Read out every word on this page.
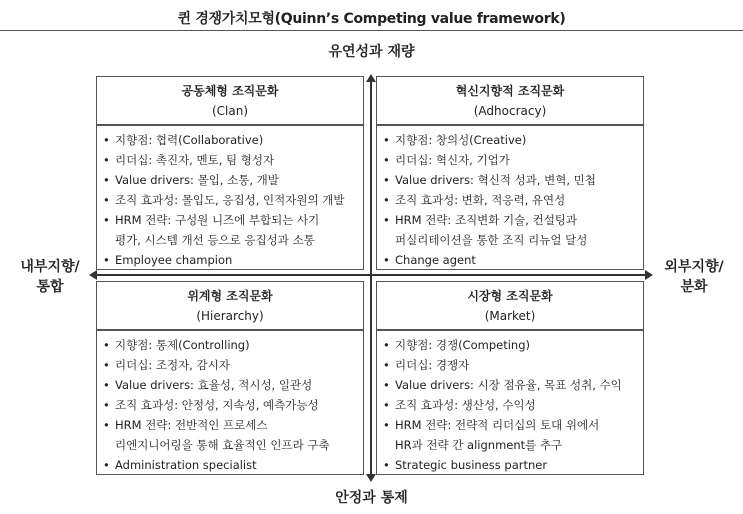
퀸 경쟁가치모형(Quinn’s Competing value framework)
유연성과 재량
안정과 통제
내부지향/
통합
외부지향/
분화
공동체형 조직문화
(Clan)
• 지향점: 협력(Collaborative)
• 리더십: 촉진자, 멘토, 팀 형성자
• Value drivers: 몰입, 소통, 개발
• 조직 효과성: 몰입도, 응집성, 인적자원의 개발
• HRM 전략: 구성원 니즈에 부합되는 사기
평가, 시스템 개선 등으로 응집성과 소통
• Employee champion
혁신지향적 조직문화
(Adhocracy)
• 지향점: 창의성(Creative)
• 리더십: 혁신자, 기업가
• Value drivers: 혁신적 성과, 변혁, 민첩
• 조직 효과성: 변화, 적응력, 유연성
• HRM 전략: 조직변화 기술, 컨설팅과
퍼실리테이션을 통한 조직 리뉴얼 달성
• Change agent
위계형 조직문화
(Hierarchy)
• 지향점: 통제(Controlling)
• 리더십: 조정자, 감시자
• Value drivers: 효율성, 적시성, 일관성
• 조직 효과성: 안정성, 지속성, 예측가능성
• HRM 전략: 전반적인 프로세스
리엔지니어링을 통해 효율적인 인프라 구축
• Administration specialist
시장형 조직문화
(Market)
• 지향점: 경쟁(Competing)
• 리더십: 경쟁자
• Value drivers: 시장 점유율, 목표 성취, 수익
• 조직 효과성: 생산성, 수익성
• HRM 전략: 전략적 리더십의 토대 위에서
HR과 전략 간 alignment를 추구
• Strategic business partner
